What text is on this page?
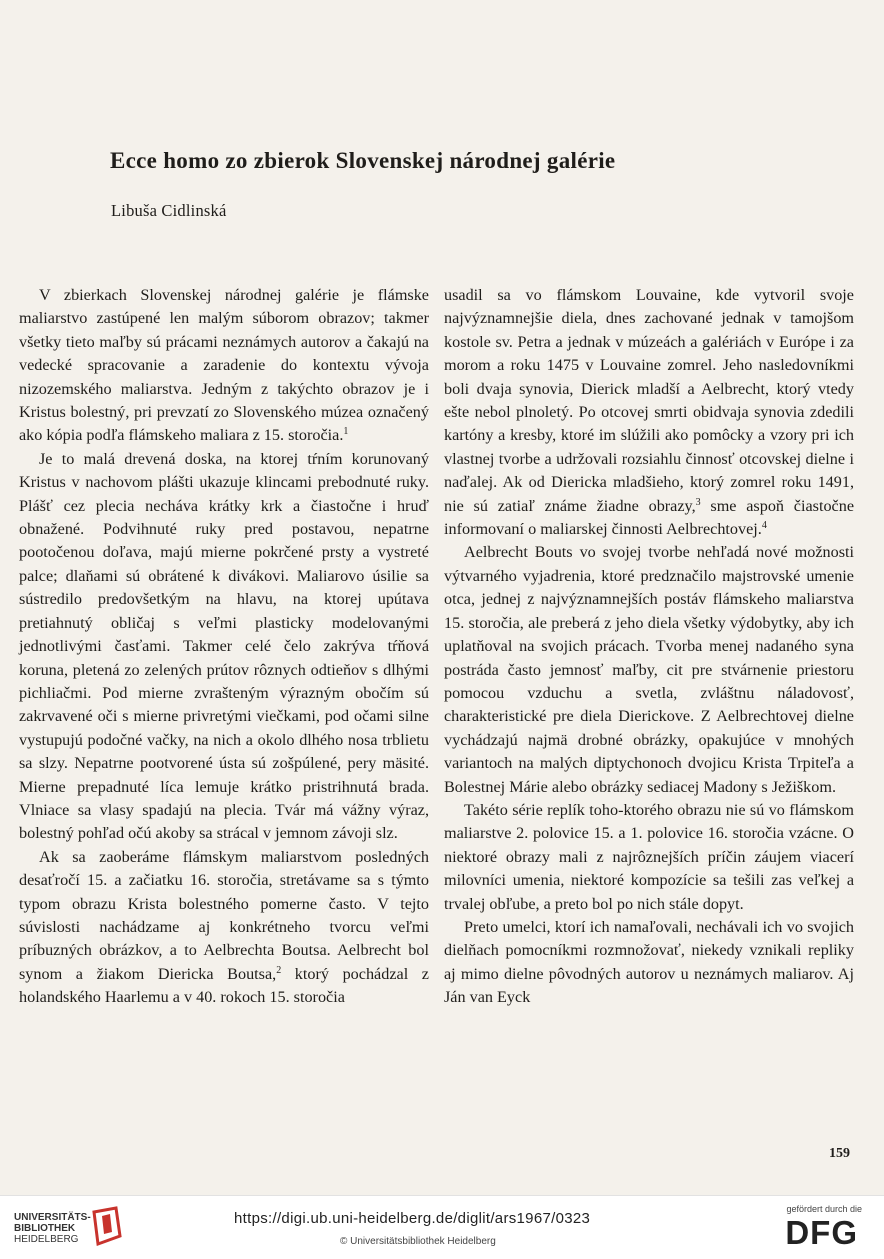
Ecce homo zo zbierok Slovenskej národnej galérie
Libuša Cidlinská

V zbierkach Slovenskej národnej galérie je flámske maliarstvo zastúpené len malým súborom obrazov; takmer všetky tieto maľby sú prácami neznámych autorov a čakajú na vedecké spracovanie a zaradenie do kontextu vývoja nizozemského maliarstva. Jedným z takýchto obrazov je i Kristus bolestný, pri prevzatí zo Slovenského múzea označený ako kópia podľa flámskeho maliara z 15. storočia.$^1$

Je to malá drevená doska, na ktorej tŕním korunovaný Kristus v nachovom plášti ukazuje klincami prebodnuté ruky. Plášť cez plecia necháva krátky krk a čiastočne i hruď obnažené. Podvihnuté ruky pred postavou, nepatrne pootočenou doľava, majú mierne pokrčené prsty a vystreté palce; dlaňami sú obrátené k divákovi. Maliarovo úsilie sa sústredilo predovšetkým na hlavu, na ktorej upútava pretiahnutý obličaj s veľmi plasticky modelovanými jednotlivými časťami. Takmer celé čelo zakrýva tŕňová koruna, pletená zo zelených prútov rôznych odtieňov s dlhými pichliačmi. Pod mierne zvrašteným výrazným obočím sú zakrvavené oči s mierne privretými viečkami, pod očami silne vystupujú podočné vačky, na nich a okolo dlhého nosa trblietu sa slzy. Nepatrne pootvorené ústa sú zošpúlené, pery mäsité. Mierne prepadnuté líca lemuje krátko pristrihnutá brada. Vlniace sa vlasy spadajú na plecia. Tvár má vážny výraz, bolestný pohľad očú akoby sa strácal v jemnom závoji slz.

Ak sa zaoberáme flámskym maliarstvom posledných desaťročí 15. a začiatku 16. storočia, stretávame sa s týmto typom obrazu Krista bolestného pomerne často. V tejto súvislosti nachádzame aj konkrétneho tvorcu veľmi príbuzných obrázkov, a to Aelbrechta Boutsa. Aelbrecht bol synom a žiakom Diericka Boutsa,$^2$ ktorý pochádzal z holandského Haarlemu a v 40. rokoch 15. storočia

usadil sa vo flámskom Louvaine, kde vytvoril svoje najvýznamnejšie diela, dnes zachované jednak v tamojšom kostole sv. Petra a jednak v múzeách a galériách v Európe i za morom a roku 1475 v Louvaine zomrel. Jeho nasledovníkmi boli dvaja synovia, Dierick mladší a Aelbrecht, ktorý vtedy ešte nebol plnoletý. Po otcovej smrti obidvaja synovia zdedili kartóny a kresby, ktoré im slúžili ako pomôcky a vzory pri ich vlastnej tvorbe a udržovali rozsiahlu činnosť otcovskej dielne i naďalej. Ak od Diericka mladšieho, ktorý zomrel roku 1491, nie sú zatiaľ známe žiadne obrazy,$^3$ sme aspoň čiastočne informovaní o maliarskej činnosti Aelbrechtovej.$^4$

Aelbrecht Bouts vo svojej tvorbe nehľadá nové možnosti výtvarného vyjadrenia, ktoré predznačilo majstrovské umenie otca, jednej z najvýznamnejších postáv flámskeho maliarstva 15. storočia, ale preberá z jeho diela všetky výdobytky, aby ich uplatňoval na svojich prácach. Tvorba menej nadaného syna postráda často jemnosť maľby, cit pre stvárnenie priestoru pomocou vzduchu a svetla, zvláštnu náladovosť, charakteristické pre diela Dierickove. Z Aelbrechtovej dielne vychádzajú najmä drobné obrázky, opakujúce v mnohých variantoch na malých diptychonoch dvojicu Krista Trpiteľa a Bolestnej Márie alebo obrázky sediacej Madony s Ježiškom.

Takéto série replík toho-ktorého obrazu nie sú vo flámskom maliarstve 2. polovice 15. a 1. polovice 16. storočia vzácne. O niektoré obrazy mali z najrôznejších príčin záujem viacerí milovníci umenia, niektoré kompozície sa tešili zas veľkej a trvalej obľube, a preto bol po nich stále dopyt.

Preto umelci, ktorí ich namaľovali, nechávali ich vo svojich dielňach pomocníkmi rozmnožovať, niekedy vznikali repliky aj mimo dielne pôvodných autorov u neznámych maliarov. Aj Ján van Eyck

159
UNIVERSITÄTS-
BIBLIOTHEK
HEIDELBERG
https://digi.ub.uni-heidelberg.de/diglit/ars1967/0323
© Universitätsbibliothek Heidelberg
gefördert durch die
DFG
